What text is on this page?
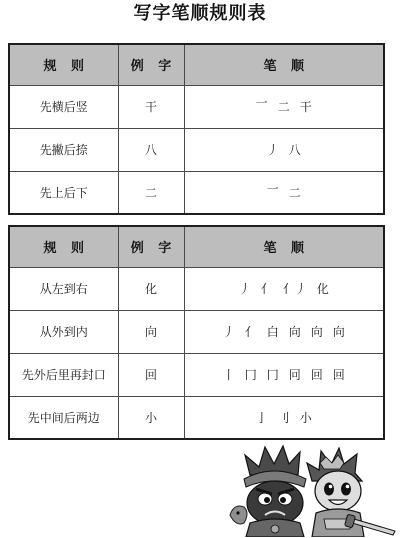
写字笔顺规则表
规 则	例 字	笔 顺
先横后竖	干	一 二 干
先撇后捺	八	丿 八
先上后下	二	一 二
规 则	例 字	笔 顺
从左到右	化	丿 亻 亻丿 化
从外到内	向	丿 亻 白 向 向 向
先外后里再封口	回	丨 冂 冂 冋 回 回
先中间后两边	小	亅 刂 小
